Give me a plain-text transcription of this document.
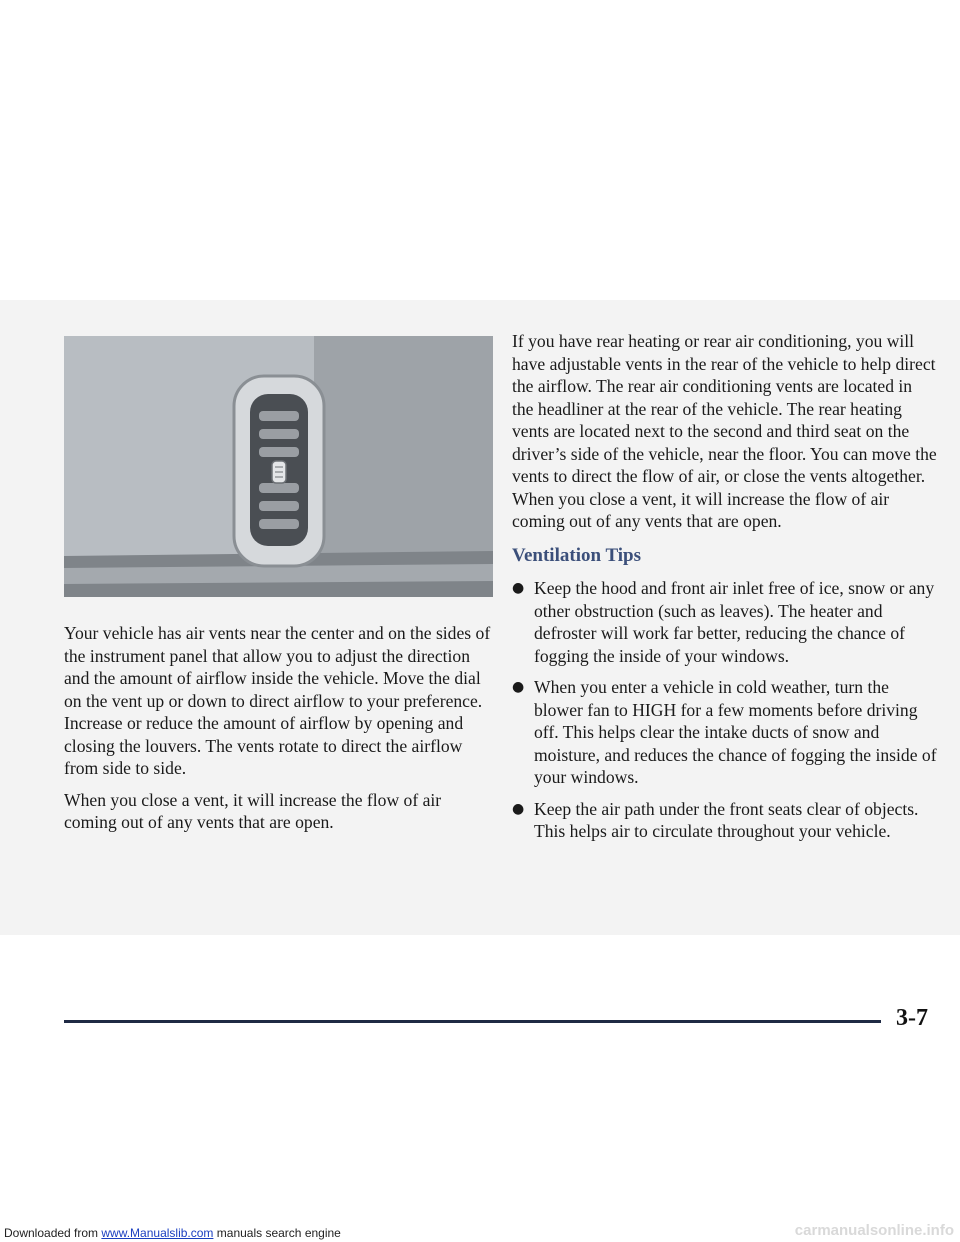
Your vehicle has air vents near the center and on the sides of the instrument panel that allow you to adjust the direction and the amount of airflow inside the vehicle. Move the dial on the vent up or down to direct airflow to your preference. Increase or reduce the amount of airflow by opening and closing the louvers. The vents rotate to direct the airflow from side to side.

When you close a vent, it will increase the flow of air coming out of any vents that are open.

If you have rear heating or rear air conditioning, you will have adjustable vents in the rear of the vehicle to help direct the airflow. The rear air conditioning vents are located in the headliner at the rear of the vehicle. The rear heating vents are located next to the second and third seat on the driver’s side of the vehicle, near the floor. You can move the vents to direct the flow of air, or close the vents altogether. When you close a vent, it will increase the flow of air coming out of any vents that are open.

Ventilation Tips
● Keep the hood and front air inlet free of ice, snow or any other obstruction (such as leaves). The heater and defroster will work far better, reducing the chance of fogging the inside of your windows.
● When you enter a vehicle in cold weather, turn the blower fan to HIGH for a few moments before driving off. This helps clear the intake ducts of snow and moisture, and reduces the chance of fogging the inside of your windows.
● Keep the air path under the front seats clear of objects. This helps air to circulate throughout your vehicle.
3-7
Downloaded from www.Manualslib.com manuals search engine	carmanualsonline.info
